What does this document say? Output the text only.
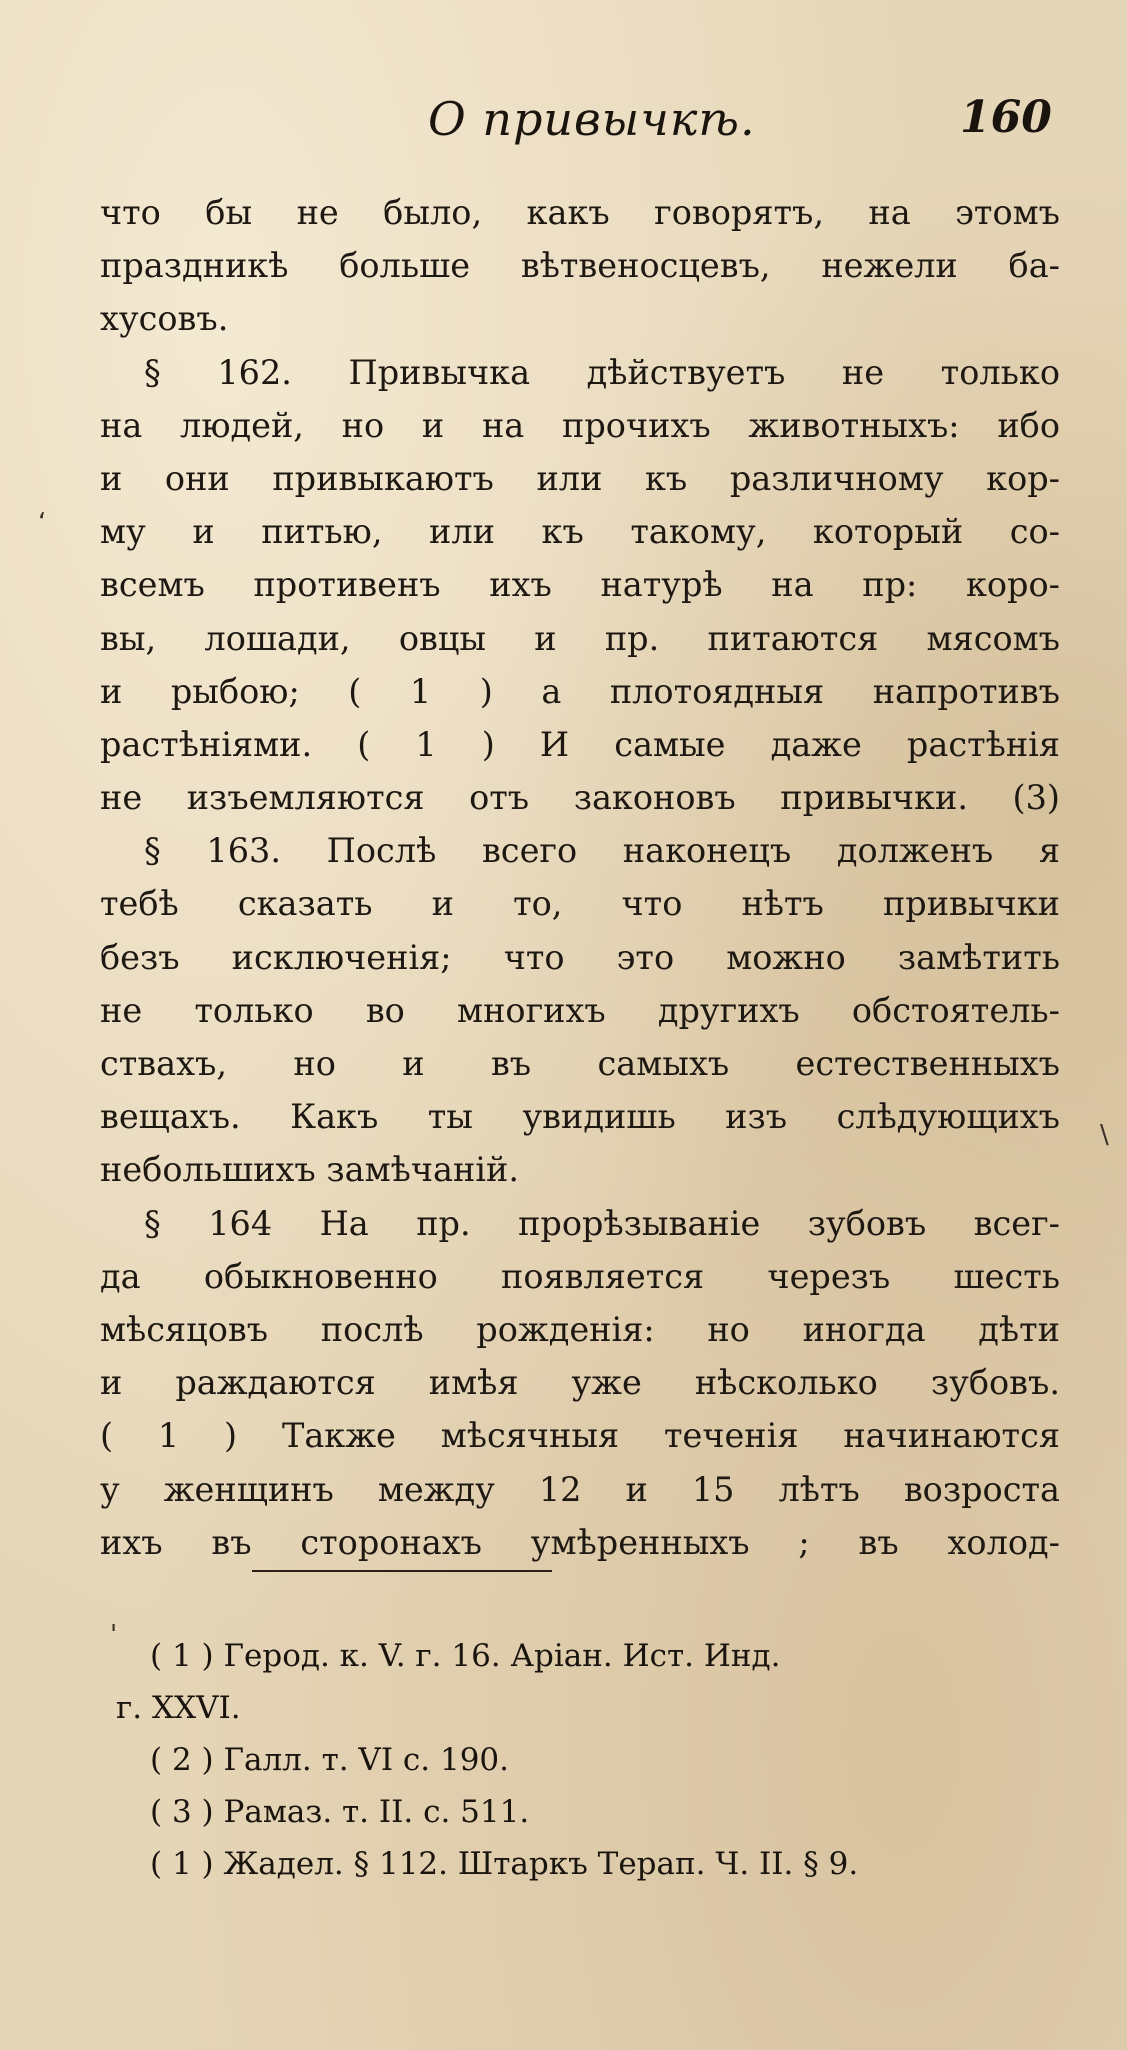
О привычкѣ.	160
что бы не было, какъ говорятъ, на этомъ
праздникѣ больше вѣтвеносцевъ, нежели ба-
хусовъ.
§ 162. Привычка дѣйствуетъ не только
на людей, но и на прочихъ животныхъ: ибо
и они привыкаютъ или къ различному кор-
му и питью, или къ такому, который со-
всемъ противенъ ихъ натурѣ на пр: коро-
вы, лошади, овцы и пр. питаются мясомъ
и рыбою; ( 1 ) а плотоядныя напротивъ
растѣніями. ( 1 ) И самые даже растѣнія
не изъемляются отъ законовъ привычки. (3)
§ 163. Послѣ всего наконецъ долженъ я
тебѣ сказать и то, что нѣтъ привычки
безъ исключенія; что это можно замѣтить
не только во многихъ другихъ обстоятель-
ствахъ, но и въ самыхъ естественныхъ
вещахъ. Какъ ты увидишь изъ слѣдующихъ
небольшихъ замѣчаній.
§ 164 На пр. прорѣзываніе зубовъ всег-
да обыкновенно появляется черезъ шесть
мѣсяцовъ послѣ рожденія: но иногда дѣти
и раждаются имѣя уже нѣсколько зубовъ.
( 1 ) Также мѣсячныя теченія начинаются
у женщинъ между 12 и 15 лѣтъ возроста
ихъ въ сторонахъ умѣренныхъ ; въ холод-
( 1 ) Герод. к. V. г. 16. Аріан. Ист. Инд.
г. XXVI.
( 2 ) Галл. т. VI с. 190.
( 3 ) Рамаз. т. II. с. 511.
( 1 ) Жадел. § 112. Штаркъ Терап. Ч. II. § 9.
‘
\
'
